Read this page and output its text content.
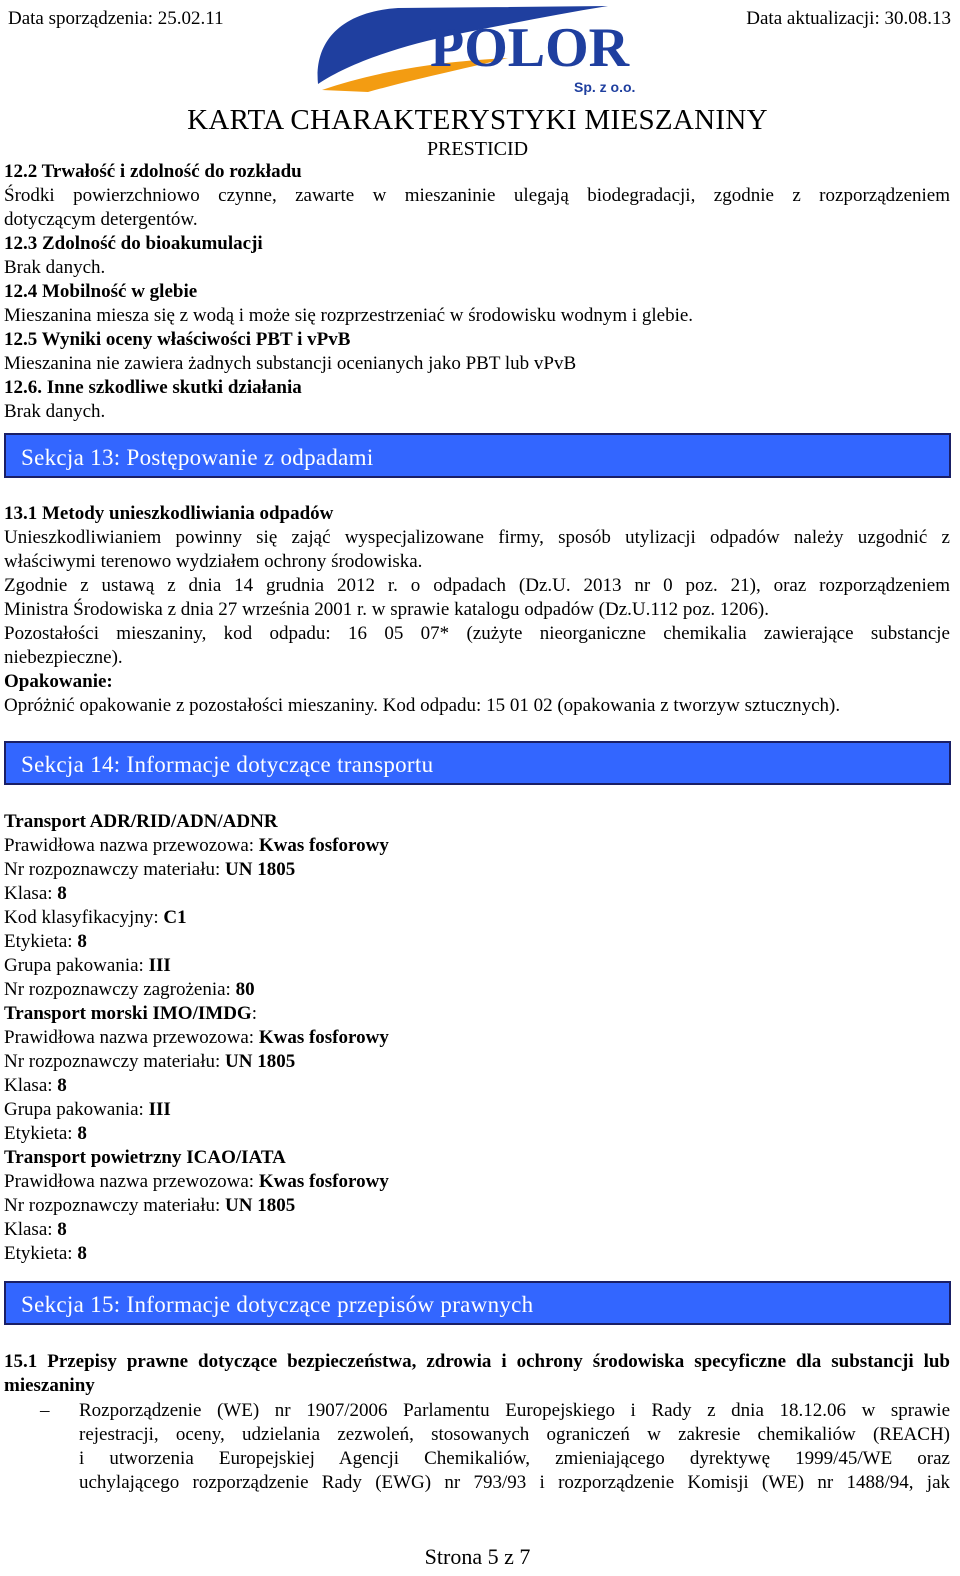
Data sporządzenia: 25.02.11	Data aktualizacji: 30.08.13
POLOR
Sp. z o.o.
KARTA CHARAKTERYSTYKI MIESZANINY
PRESTICID
12.2 Trwałość i zdolność do rozkładu
Środki powierzchniowo czynne, zawarte w mieszaninie ulegają biodegradacji, zgodnie z rozporządzeniem
dotyczącym detergentów.
12.3 Zdolność do bioakumulacji
Brak danych.
12.4 Mobilność w glebie
Mieszanina miesza się z wodą i może się rozprzestrzeniać w środowisku wodnym i glebie.
12.5 Wyniki oceny właściwości PBT i vPvB
Mieszanina nie zawiera żadnych substancji ocenianych jako PBT lub vPvB
12.6. Inne szkodliwe skutki działania
Brak danych.
Sekcja 13: Postępowanie z odpadami
13.1 Metody unieszkodliwiania odpadów
Unieszkodliwianiem powinny się zająć wyspecjalizowane firmy, sposób utylizacji odpadów należy uzgodnić z
właściwymi terenowo wydziałem ochrony środowiska.
Zgodnie z ustawą z dnia 14 grudnia 2012 r. o odpadach (Dz.U. 2013 nr 0 poz. 21), oraz rozporządzeniem
Ministra Środowiska z dnia 27 września 2001 r. w sprawie katalogu odpadów (Dz.U.112 poz. 1206).
Pozostałości mieszaniny, kod odpadu: 16 05 07* (zużyte nieorganiczne chemikalia zawierające substancje
niebezpieczne).
Opakowanie:
Opróżnić opakowanie z pozostałości mieszaniny. Kod odpadu: 15 01 02 (opakowania z tworzyw sztucznych).
Sekcja 14: Informacje dotyczące transportu
Transport ADR/RID/ADN/ADNR
Prawidłowa nazwa przewozowa: Kwas fosforowy
Nr rozpoznawczy materiału: UN 1805
Klasa: 8
Kod klasyfikacyjny: C1
Etykieta: 8
Grupa pakowania: III
Nr rozpoznawczy zagrożenia: 80
Transport morski IMO/IMDG:
Prawidłowa nazwa przewozowa: Kwas fosforowy
Nr rozpoznawczy materiału: UN 1805
Klasa: 8
Grupa pakowania: III
Etykieta: 8
Transport powietrzny ICAO/IATA
Prawidłowa nazwa przewozowa: Kwas fosforowy
Nr rozpoznawczy materiału: UN 1805
Klasa: 8
Etykieta: 8
Sekcja 15: Informacje dotyczące przepisów prawnych
15.1 Przepisy prawne dotyczące bezpieczeństwa, zdrowia i ochrony środowiska specyficzne dla substancji lub
mieszaniny
– Rozporządzenie (WE) nr 1907/2006 Parlamentu Europejskiego i Rady z dnia 18.12.06 w sprawie
rejestracji, oceny, udzielania zezwoleń, stosowanych ograniczeń w zakresie chemikaliów (REACH)
i utworzenia Europejskiej Agencji Chemikaliów, zmieniającego dyrektywę 1999/45/WE oraz
uchylającego rozporządzenie Rady (EWG) nr 793/93 i rozporządzenie Komisji (WE) nr 1488/94, jak
Strona 5 z 7
